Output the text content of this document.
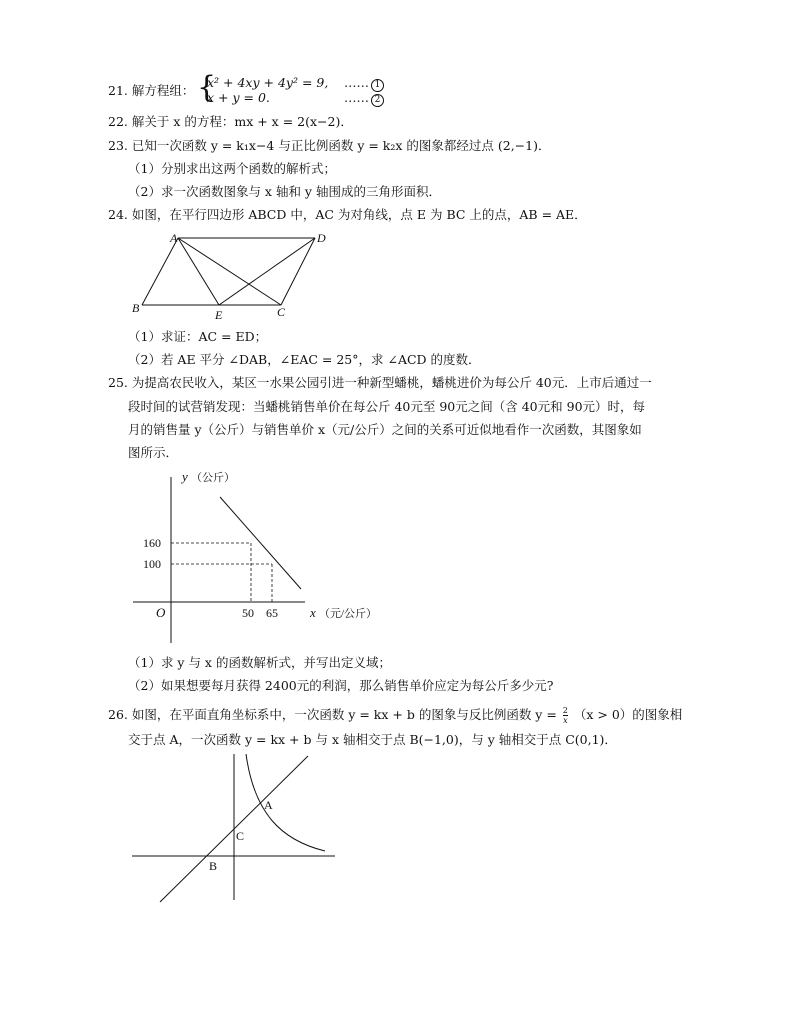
21. 解方程组： {
x² + 4xy + 4y² = 9,
x + y = 0.
…… 1
…… 2
22. 解关于 x 的方程：mx + x = 2(x−2)．
23. 已知一次函数 y = k₁x−4 与正比例函数 y = k₂x 的图象都经过点 (2,−1)．
（1）分别求出这两个函数的解析式；
（2）求一次函数图象与 x 轴和 y 轴围成的三角形面积．
24. 如图，在平行四边形 ABCD 中，AC 为对角线，点 E 为 BC 上的点，AB = AE．
A	D
B	E	C
（1）求证：AC = ED；
（2）若 AE 平分 ∠DAB，∠EAC = 25°，求 ∠ACD 的度数．
25. 为提高农民收入，某区一水果公园引进一种新型蟠桃，蟠桃进价为每公斤 40元．上市后通过一
段时间的试营销发现：当蟠桃销售单价在每公斤 40元至 90元之间（含 40元和 90元）时，每
月的销售量 y（公斤）与销售单价 x（元/公斤）之间的关系可近似地看作一次函数，其图象如
图所示．
y （公斤）
160
100
O	50 65 x （元/公斤）
（1）求 y 与 x 的函数解析式，并写出定义域；
（2）如果想要每月获得 2400元的利润，那么销售单价应定为每公斤多少元?
26. 如图，在平面直角坐标系中，一次函数 y = kx + b 的图象与反比例函数 $y = \frac{2}{x} (x > 0)$的图象相
交于点 A，一次函数 y = kx + b 与 x 轴相交于点 B(−1,0)，与 y 轴相交于点 C(0,1)．
A
C
B
